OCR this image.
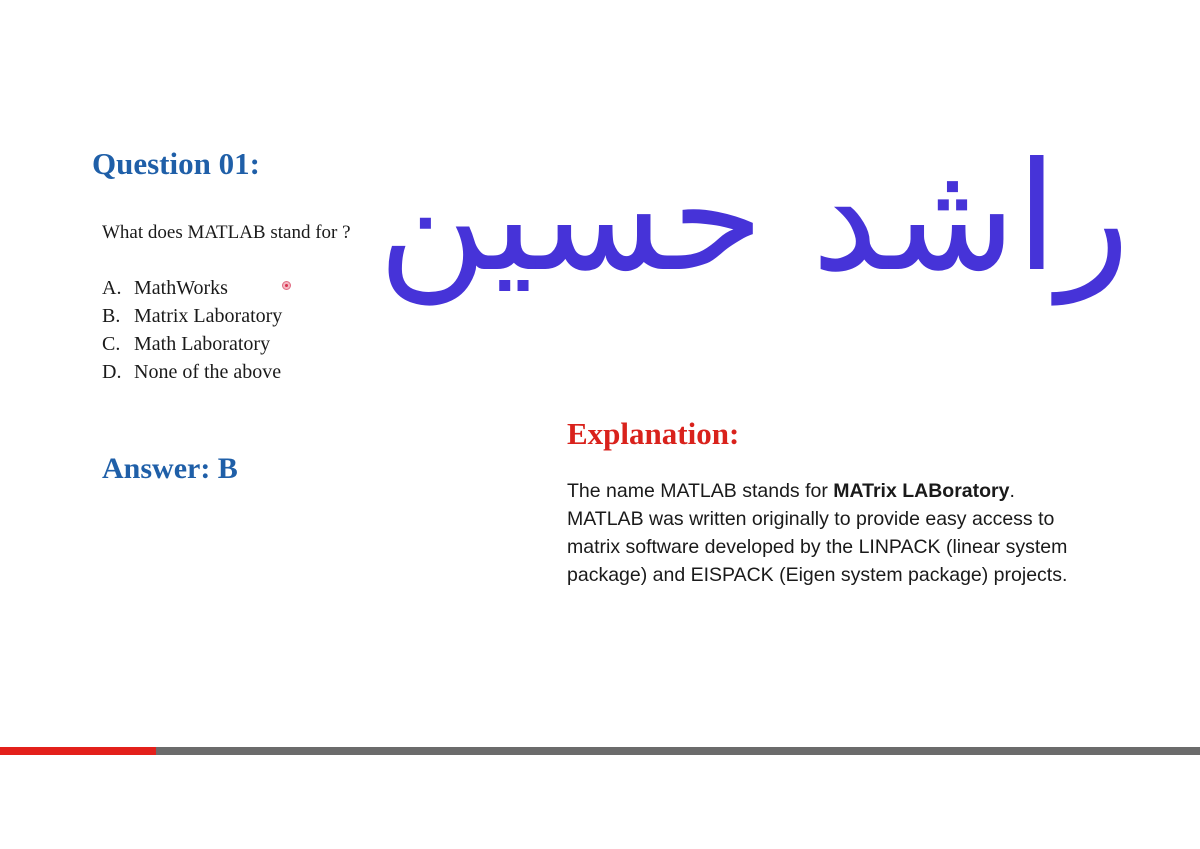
Question 01:
What does MATLAB stand for ?
A. MathWorks
B. Matrix Laboratory
C. Math Laboratory
D. None of the above
راشد حسین
Answer: B
Explanation:

The name MATLAB stands for MATrix LABoratory.
MATLAB was written originally to provide easy access to
matrix software developed by the LINPACK (linear system
package) and EISPACK (Eigen system package) projects.
